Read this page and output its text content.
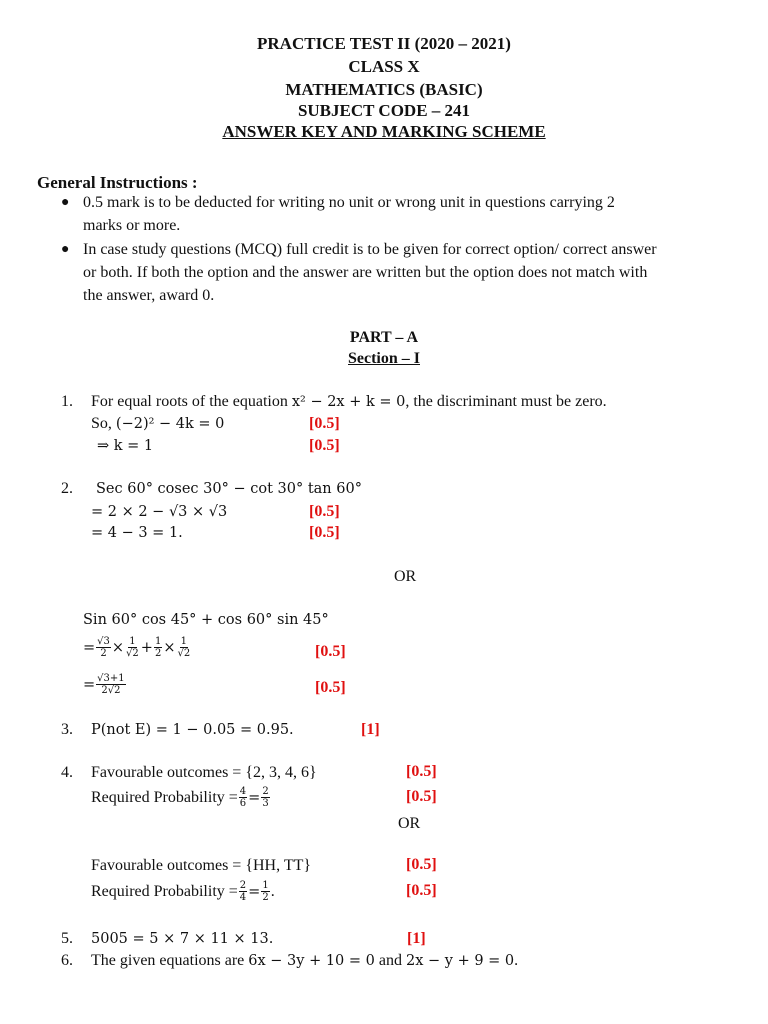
PRACTICE TEST II (2020 – 2021)
CLASS X
MATHEMATICS (BASIC)
SUBJECT CODE – 241
ANSWER KEY AND MARKING SCHEME
General Instructions :
● 0.5 mark is to be deducted for writing no unit or wrong unit in questions carrying 2
marks or more.
● In case study questions (MCQ) full credit is to be given for correct option/ correct answer
or both. If both the option and the answer are written but the option does not match with
the answer, award 0.
PART – A
Section – I
1. For equal roots of the equation x² − 2x + k = 0, the discriminant must be zero.
So, (−2)² − 4k = 0	[0.5]
⇒ k = 1	[0.5]
2. Sec 60° cosec 30° − cot 30° tan 60°
= 2 × 2 − √3 × √3	[0.5]
= 4 − 3 = 1.	[0.5]
OR
Sin 60° cos 45° + cos 60° sin 45°
= $\frac{√3}{2} \times \frac{1}{√2} + \frac{1}{2} \times \frac{1}{√2}$	[0.5]
= $\frac{√3+1}{2√2}$	[0.5]
3. P(not E) = 1 − 0.05 = 0.95.	[1]
4. Favourable outcomes = {2, 3, 4, 6}	[0.5]
Required Probability = $\frac{4}{6} = \frac{2}{3}$	[0.5]
OR
Favourable outcomes = {HH, TT}	[0.5]
Required Probability = $\frac{2}{4} = \frac{1}{2}$ .	[0.5]
5. 5005 = 5 × 7 × 11 × 13.	[1]
6. The given equations are 6x − 3y + 10 = 0 and 2x − y + 9 = 0.
